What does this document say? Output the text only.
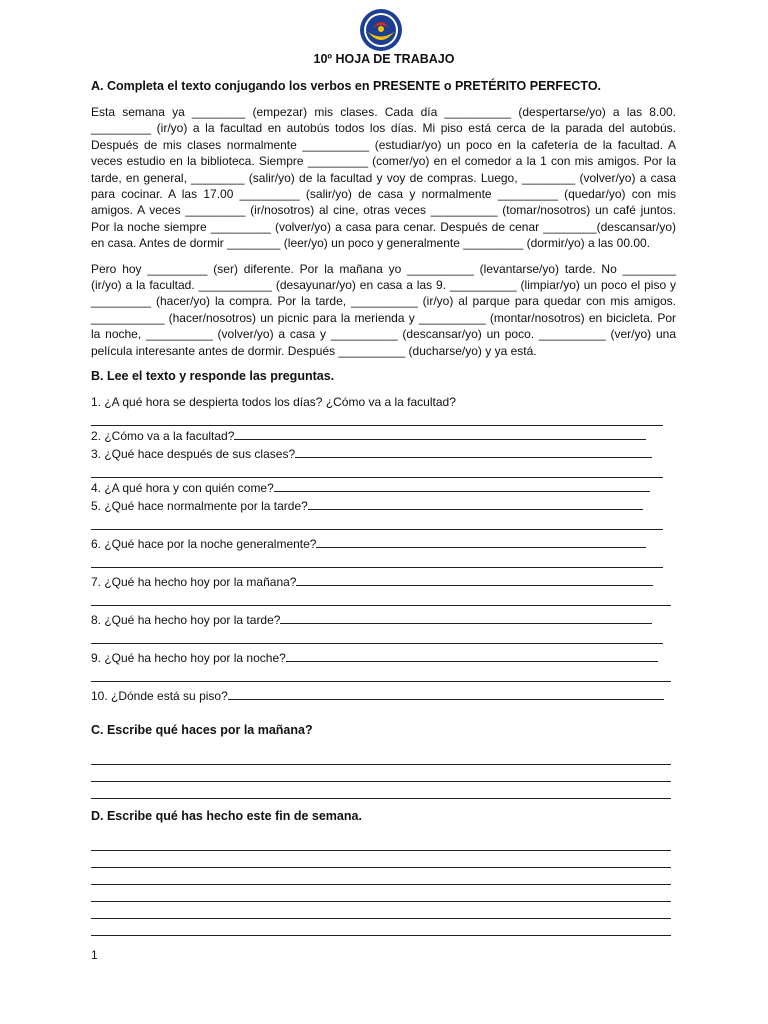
10º HOJA DE TRABAJO
A. Completa el texto conjugando los verbos en PRESENTE o PRETÉRITO PERFECTO.

Esta semana ya ________ (empezar) mis clases. Cada día __________ (despertarse/yo) a las 8.00. _________ (ir/yo) a la facultad en autobús todos los días. Mi piso está cerca de la parada del autobús. Después de mis clases normalmente __________ (estudiar/yo) un poco en la cafetería de la facultad. A veces estudio en la biblioteca. Siempre _________ (comer/yo) en el comedor a la 1 con mis amigos. Por la tarde, en general, ________ (salir/yo) de la facultad y voy de compras. Luego, ________ (volver/yo) a casa para cocinar. A las 17.00 _________ (salir/yo) de casa y normalmente _________ (quedar/yo) con mis amigos. A veces _________ (ir/nosotros) al cine, otras veces __________ (tomar/nosotros) un café juntos. Por la noche siempre _________ (volver/yo) a casa para cenar. Después de cenar ________(descansar/yo) en casa. Antes de dormir ________ (leer/yo) un poco y generalmente _________ (dormir/yo) a las 00.00.

Pero hoy _________ (ser) diferente. Por la mañana yo __________ (levantarse/yo) tarde. No ________ (ir/yo) a la facultad. ___________ (desayunar/yo) en casa a las 9. __________ (limpiar/yo) un poco el piso y _________ (hacer/yo) la compra. Por la tarde, __________ (ir/yo) al parque para quedar con mis amigos. ___________ (hacer/nosotros) un picnic para la merienda y __________ (montar/nosotros) en bicicleta. Por la noche, __________ (volver/yo) a casa y __________ (descansar/yo) un poco. __________ (ver/yo) una película interesante antes de dormir. Después __________ (ducharse/yo) y ya está.

B. Lee el texto y responde las preguntas.
1. ¿A qué hora se despierta todos los días? ¿Cómo va a la facultad?
2. ¿Cómo va a la facultad?
3. ¿Qué hace después de sus clases?
4. ¿A qué hora y con quién come?
5. ¿Qué hace normalmente por la tarde?
6. ¿Qué hace por la noche generalmente?
7. ¿Qué ha hecho hoy por la mañana?
8. ¿Qué ha hecho hoy por la tarde?
9. ¿Qué ha hecho hoy por la noche?
10. ¿Dónde está su piso?
C. Escribe qué haces por la mañana?
D. Escribe qué has hecho este fin de semana.
1
